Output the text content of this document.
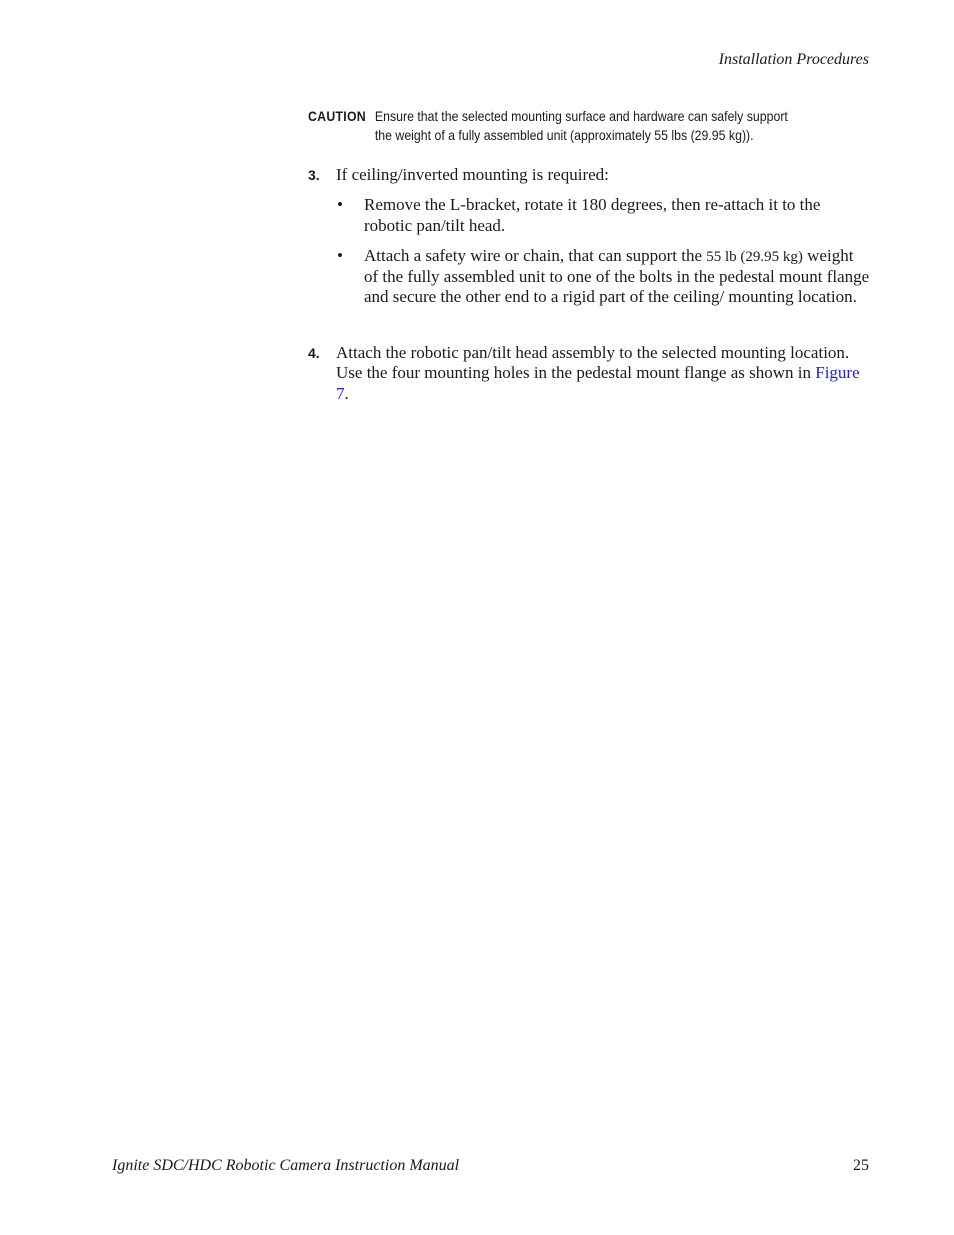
Installation Procedures
CAUTION Ensure that the selected mounting surface and hardware can safely support
the weight of a fully assembled unit (approximately 55 lbs (29.95 kg)).
3. If ceiling/inverted mounting is required:
• Remove the L-bracket, rotate it 180 degrees, then re-attach it to the robotic pan/tilt head.
• Attach a safety wire or chain, that can support the 55 lb (29.95 kg) weight of the fully assembled unit to one of the bolts in the pedestal mount flange and secure the other end to a rigid part of the ceiling/ mounting location.
4. Attach the robotic pan/tilt head assembly to the selected mounting location. Use the four mounting holes in the pedestal mount flange as shown in Figure 7.
Ignite SDC/HDC Robotic Camera Instruction Manual	25
